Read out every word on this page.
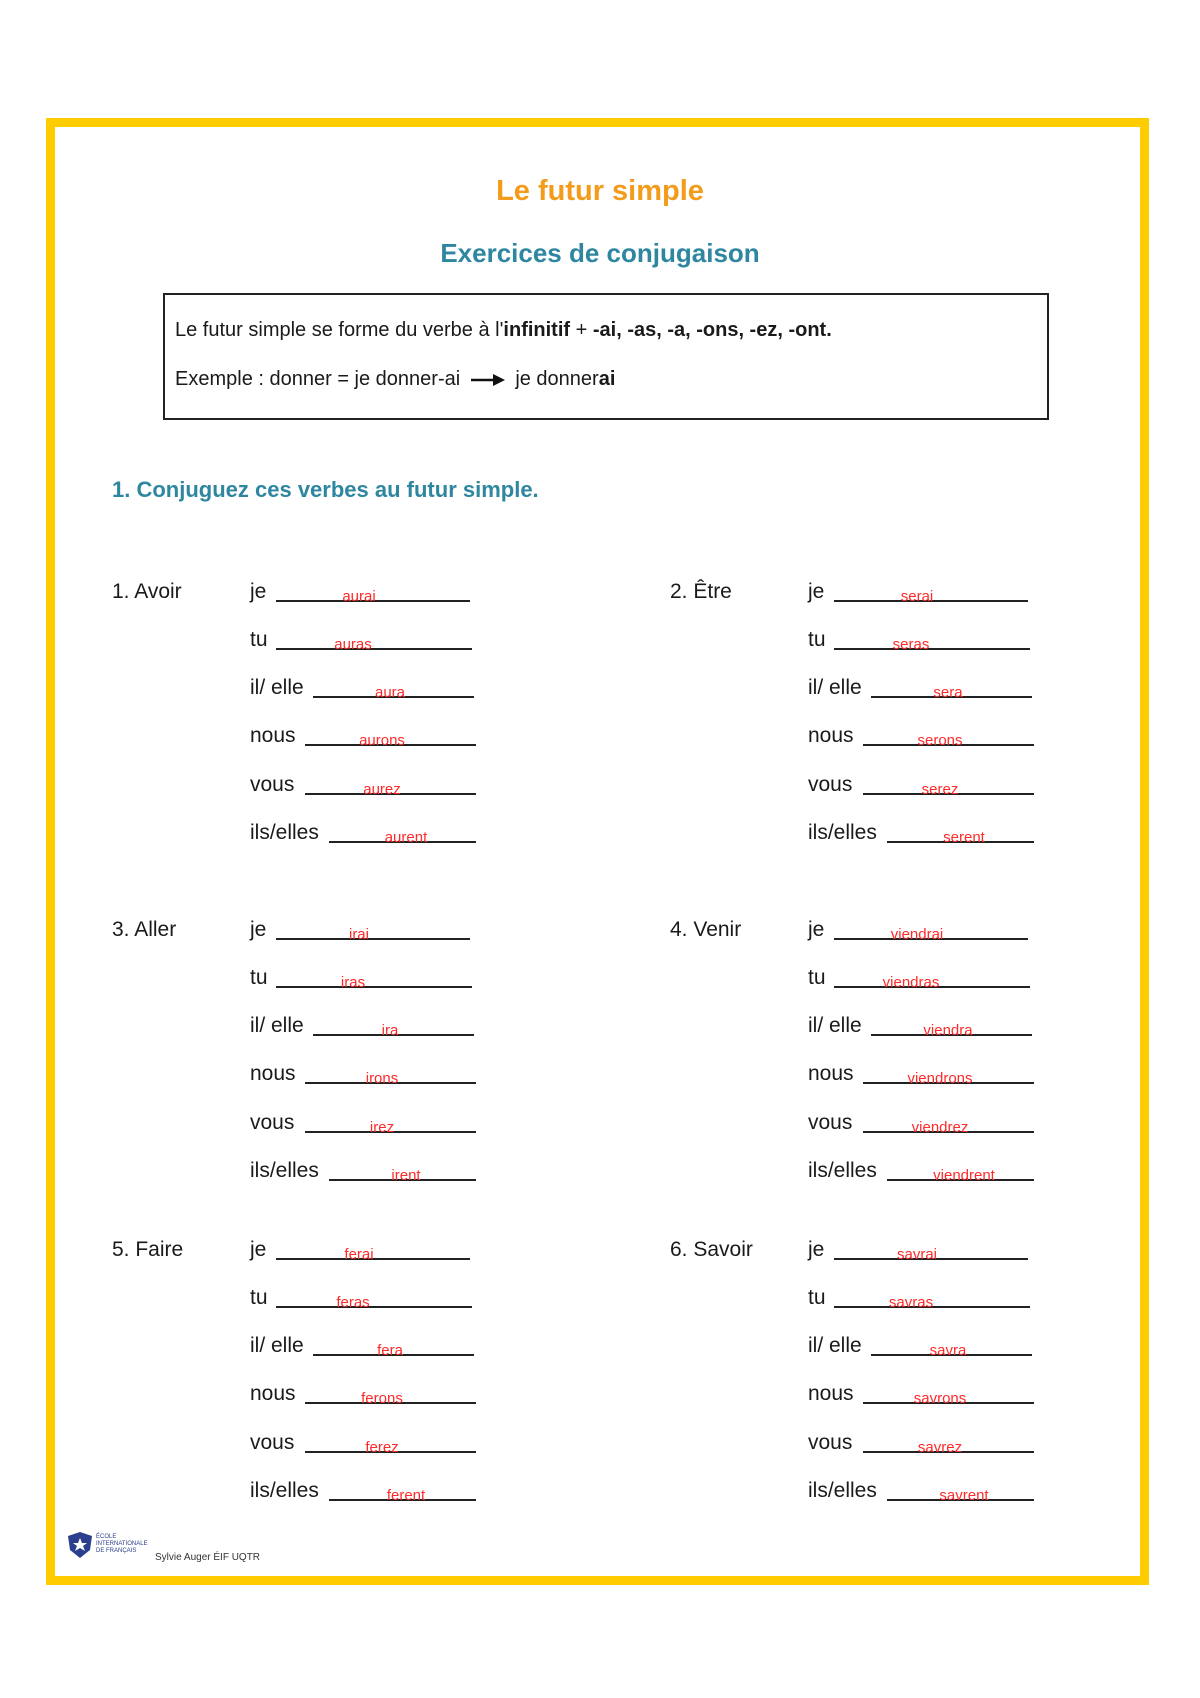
Le futur simple
Exercices de conjugaison
Le futur simple se forme du verbe à l'infinitif + -ai, -as, -a, -ons, -ez, -ont.
Exemple : donner = je donner-ai	je donnerai
1. Conjuguez ces verbes au futur simple.
1. Avoir	je	aurai
tu	auras
il/ elle	aura
nous	aurons
vous	aurez
ils/elles	aurent
2. Être	je	serai
tu	seras
il/ elle	sera
nous	serons
vous	serez
ils/elles	serent
3. Aller	je	irai
tu	iras
il/ elle	ira
nous	irons
vous	irez
ils/elles	irent
4. Venir	je	viendrai
tu	viendras
il/ elle	viendra
nous	viendrons
vous	viendrez
ils/elles	viendrent
5. Faire	je	ferai
tu	feras
il/ elle	fera
nous	ferons
vous	ferez
ils/elles	ferent
6. Savoir	je	savrai
tu	savras
il/ elle	savra
nous	savrons
vous	savrez
ils/elles	savrent
ÉCOLE
INTERNATIONALE
DE FRANÇAIS
Sylvie Auger ÉIF UQTR
